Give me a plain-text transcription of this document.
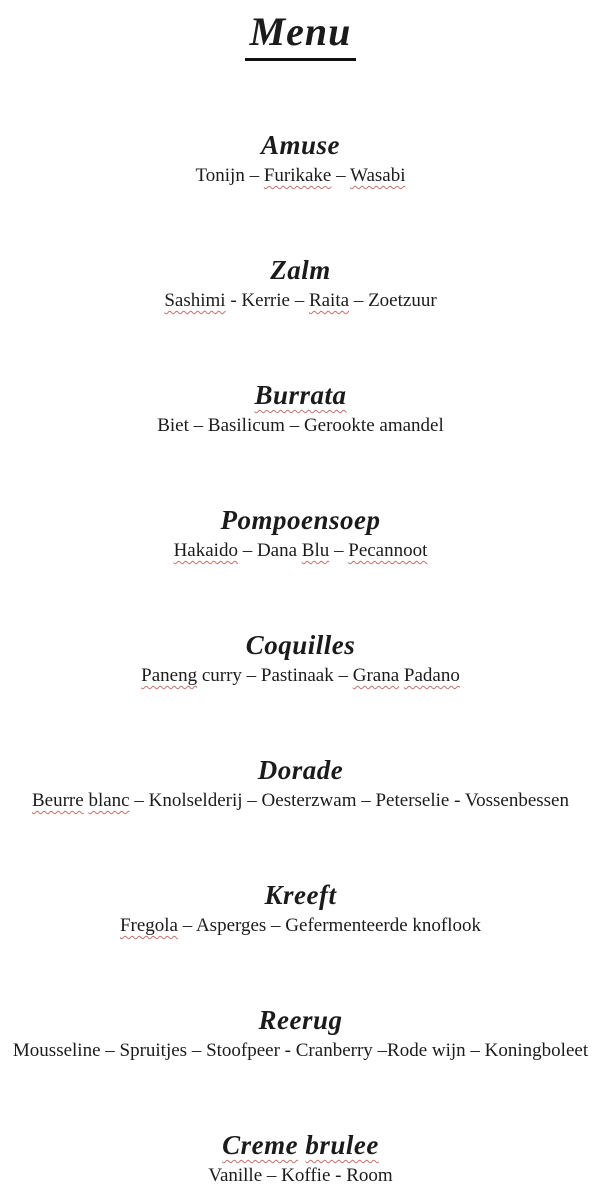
Menu
Amuse

Tonijn – Furikake – Wasabi

Zalm

Sashimi - Kerrie – Raita – Zoetzuur

Burrata

Biet – Basilicum – Gerookte amandel

Pompoensoep

Hakaido – Dana Blu – Pecannoot

Coquilles

Paneng curry – Pastinaak – Grana Padano

Dorade

Beurre blanc – Knolselderij – Oesterzwam – Peterselie - Vossenbessen

Kreeft

Fregola – Asperges – Gefermenteerde knoflook

Reerug

Mousseline – Spruitjes – Stoofpeer - Cranberry –Rode wijn – Koningboleet

Creme brulee

Vanille – Koffie - Room
